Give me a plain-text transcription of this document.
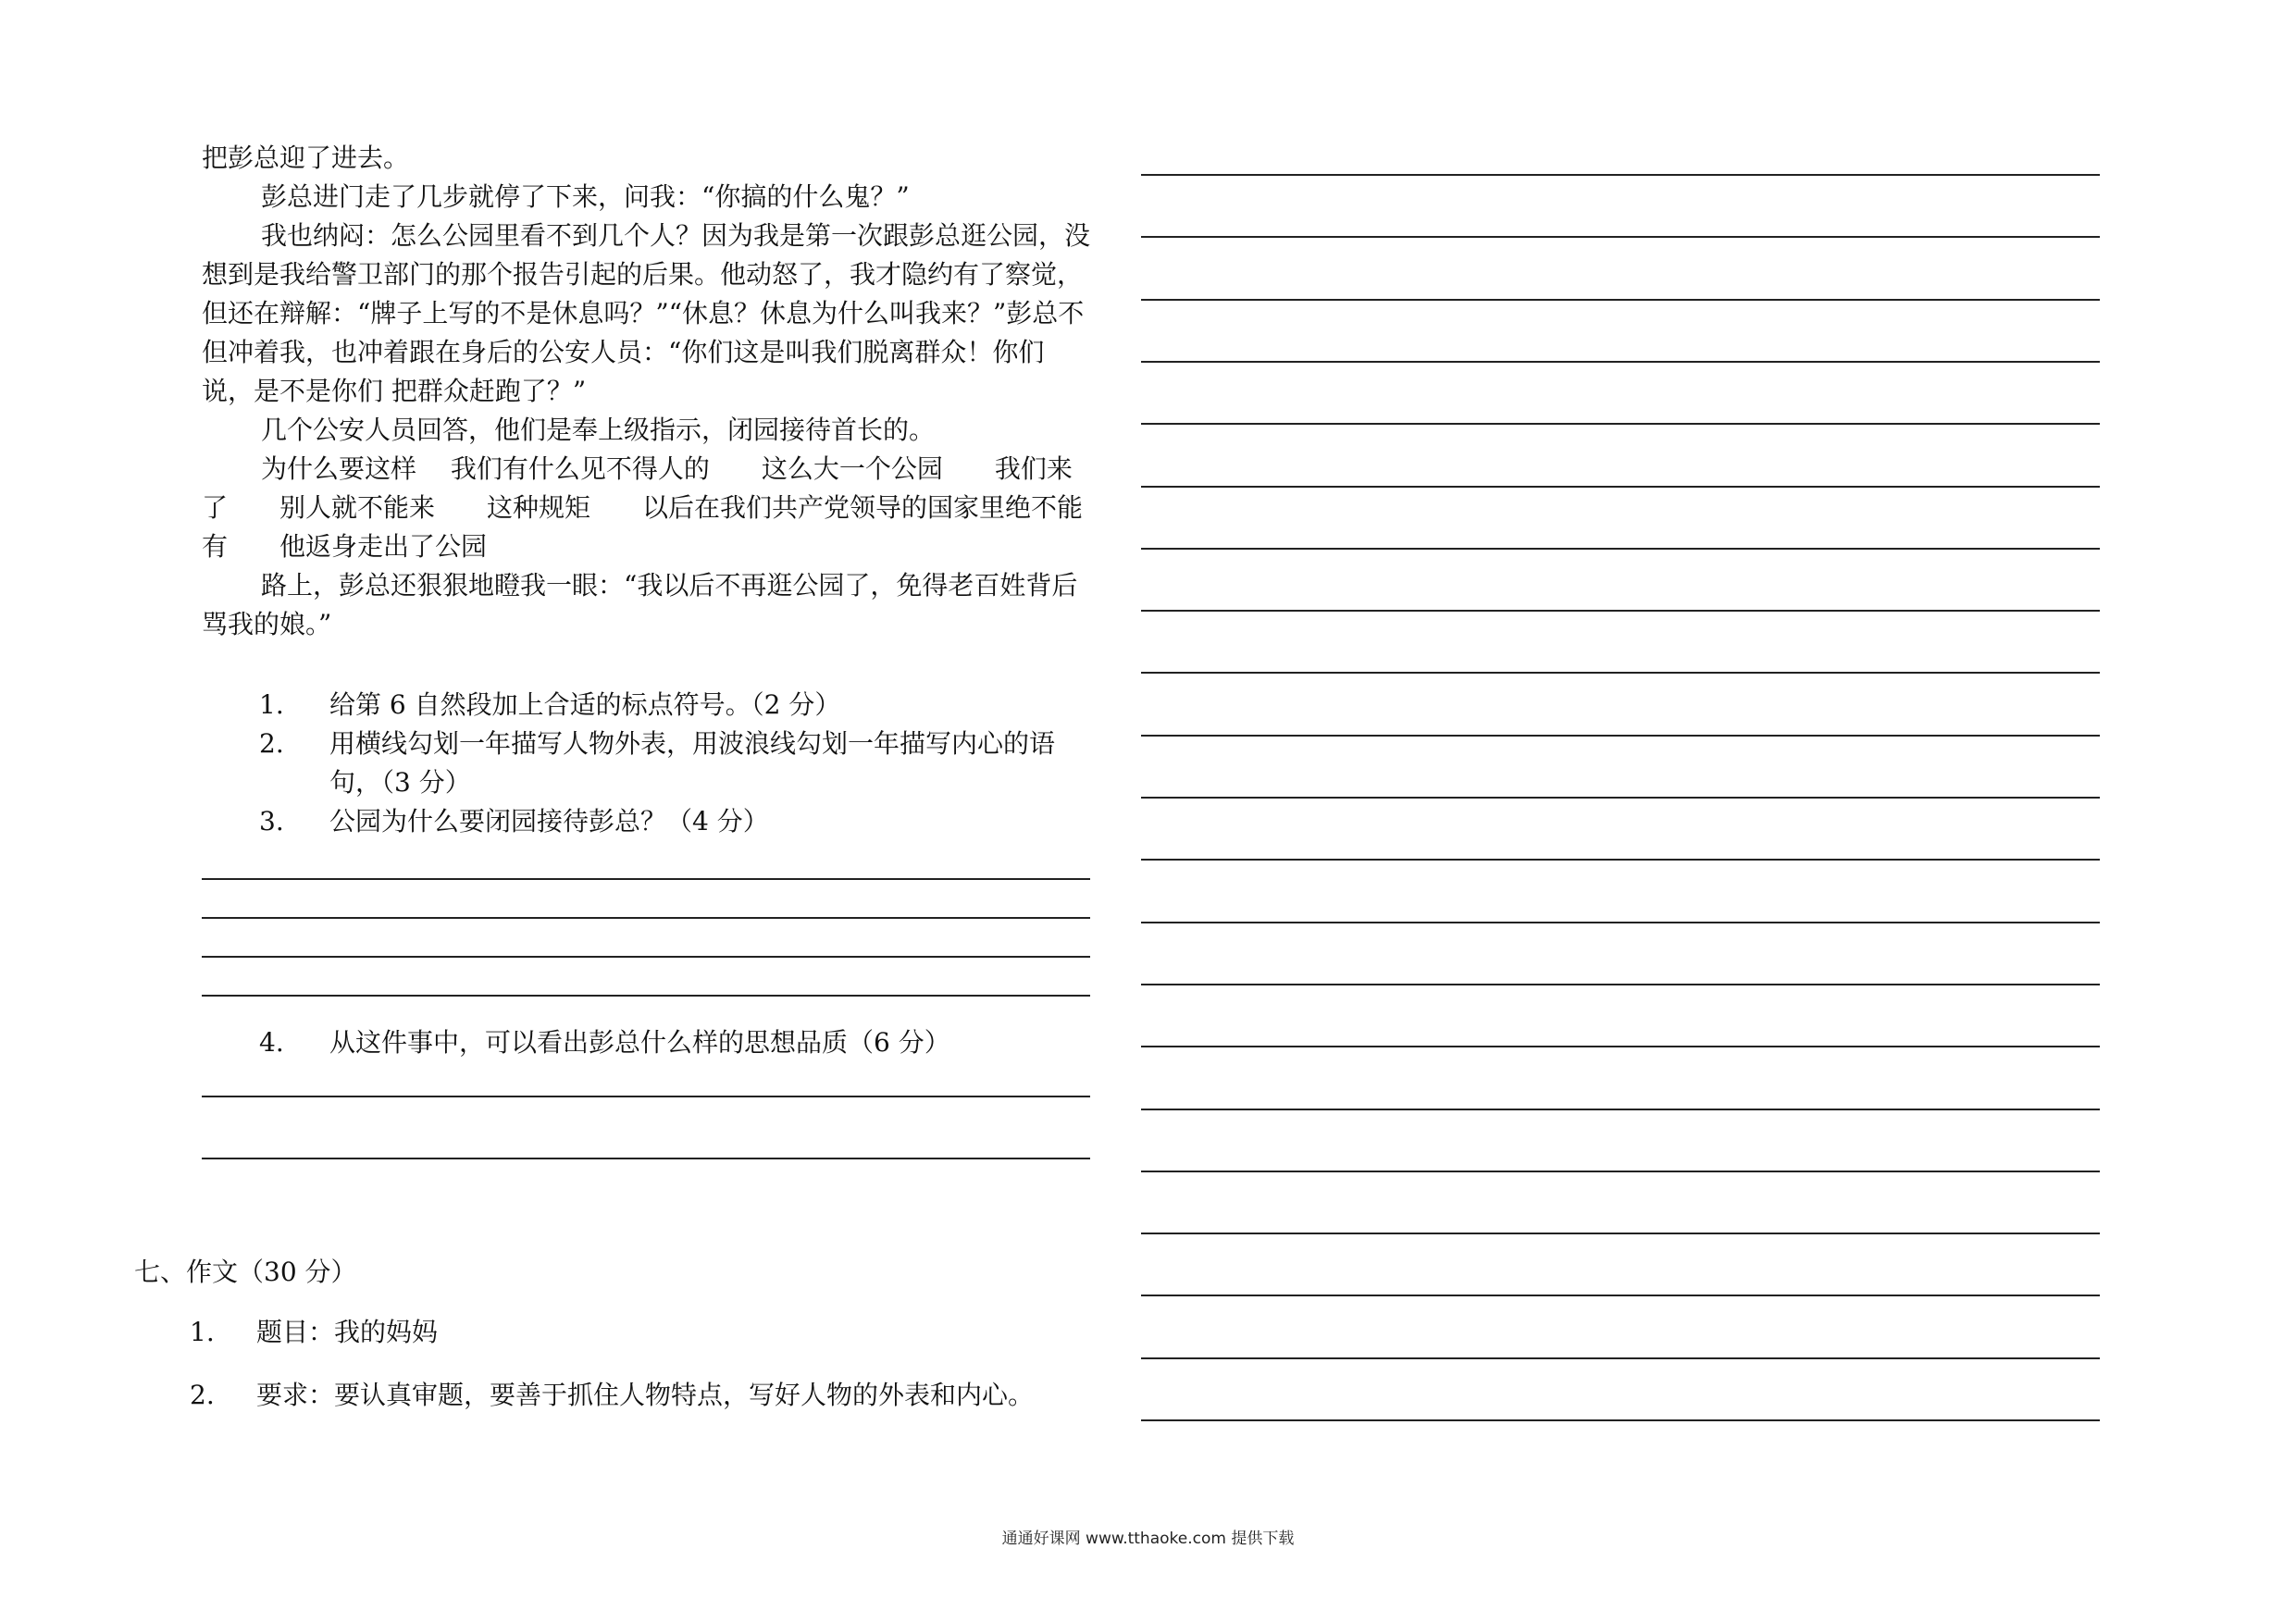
把彭总迎了进去。

彭总进门走了几步就停了下来，问我：“你搞的什么鬼？”

我也纳闷：怎么公园里看不到几个人？因为我是第一次跟彭总逛公园，没想到是我给警卫部门的那个报告引起的后果。他动怒了，我才隐约有了察觉，但还在辩解：“牌子上写的不是休息吗？”“休息？休息为什么叫我来？”彭总不但冲着我，也冲着跟在身后的公安人员：“你们这是叫我们脱离群众！你们说，是不是你们 把群众赶跑了？”

几个公安人员回答，他们是奉上级指示，闭园接待首长的。

为什么要这样　 我们有什么见不得人的　　这么大一个公园　　我们来了　　别人就不能来　　这种规矩　　以后在我们共产党领导的国家里绝不能有　　他返身走出了公园

路上，彭总还狠狠地瞪我一眼：“我以后不再逛公园了，免得老百姓背后骂我的娘。”

1. 给第 6 自然段加上合适的标点符号。（2 分）

2. 用横线勾划一年描写人物外表，用波浪线勾划一年描写内心的语句，（3 分）

3. 公园为什么要闭园接待彭总？（4 分）

4. 从这件事中，可以看出彭总什么样的思想品质（6 分）

七、作文（30 分）

1. 题目：我的妈妈

2. 要求：要认真审题，要善于抓住人物特点，写好人物的外表和内心。

通通好课网 www.tthaoke.com 提供下载
